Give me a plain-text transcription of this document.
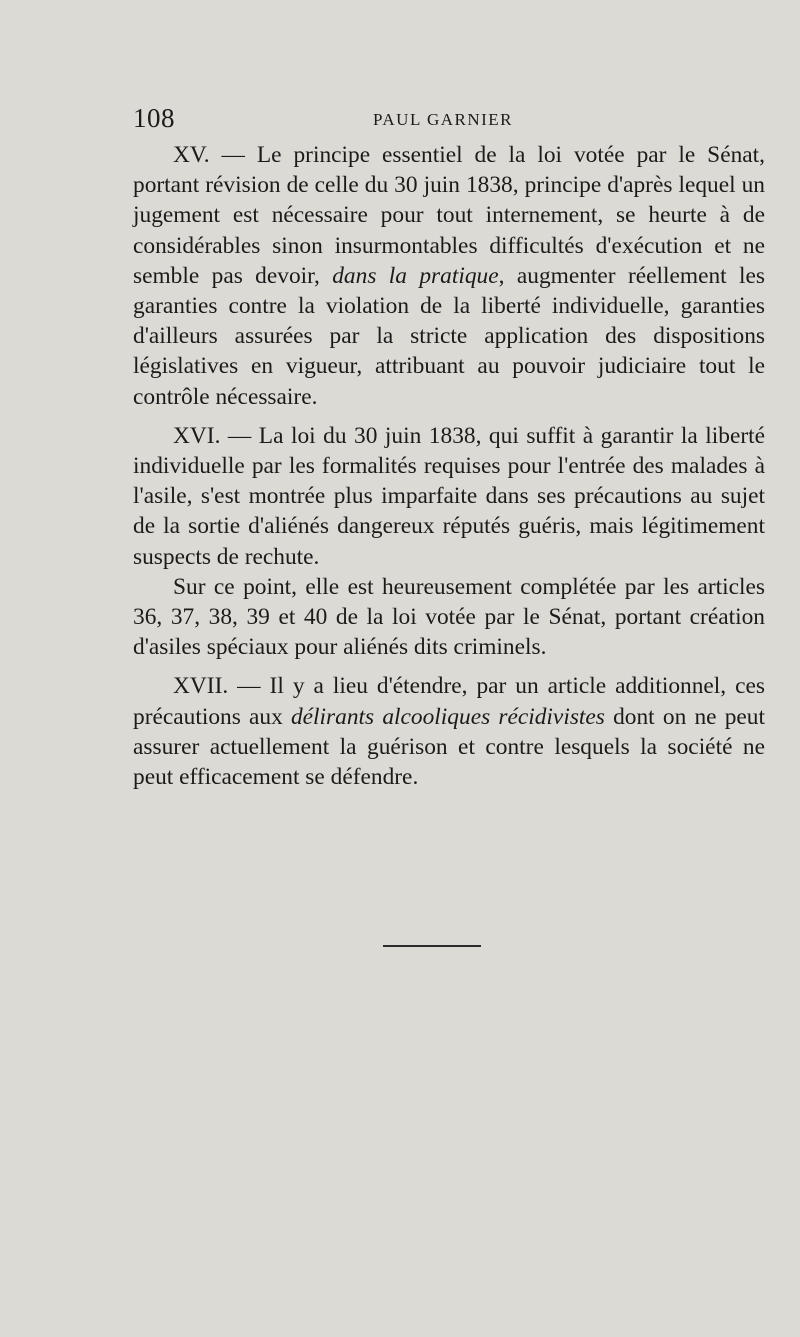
108	PAUL GARNIER

XV. — Le principe essentiel de la loi votée par le Sénat, portant révision de celle du 30 juin 1838, principe d'après lequel un jugement est nécessaire pour tout internement, se heurte à de considérables sinon insurmontables difficultés d'exécution et ne semble pas devoir, dans la pratique, augmenter réellement les garanties contre la violation de la liberté individuelle, garanties d'ailleurs assurées par la stricte application des dispositions législatives en vigueur, attribuant au pouvoir judiciaire tout le contrôle nécessaire.

XVI. — La loi du 30 juin 1838, qui suffit à garantir la liberté individuelle par les formalités requises pour l'entrée des malades à l'asile, s'est montrée plus imparfaite dans ses précautions au sujet de la sortie d'aliénés dangereux réputés guéris, mais légitimement suspects de rechute.

Sur ce point, elle est heureusement complétée par les articles 36, 37, 38, 39 et 40 de la loi votée par le Sénat, portant création d'asiles spéciaux pour aliénés dits criminels.

XVII. — Il y a lieu d'étendre, par un article additionnel, ces précautions aux délirants alcooliques récidivistes dont on ne peut assurer actuellement la guérison et contre lesquels la société ne peut efficacement se défendre.
